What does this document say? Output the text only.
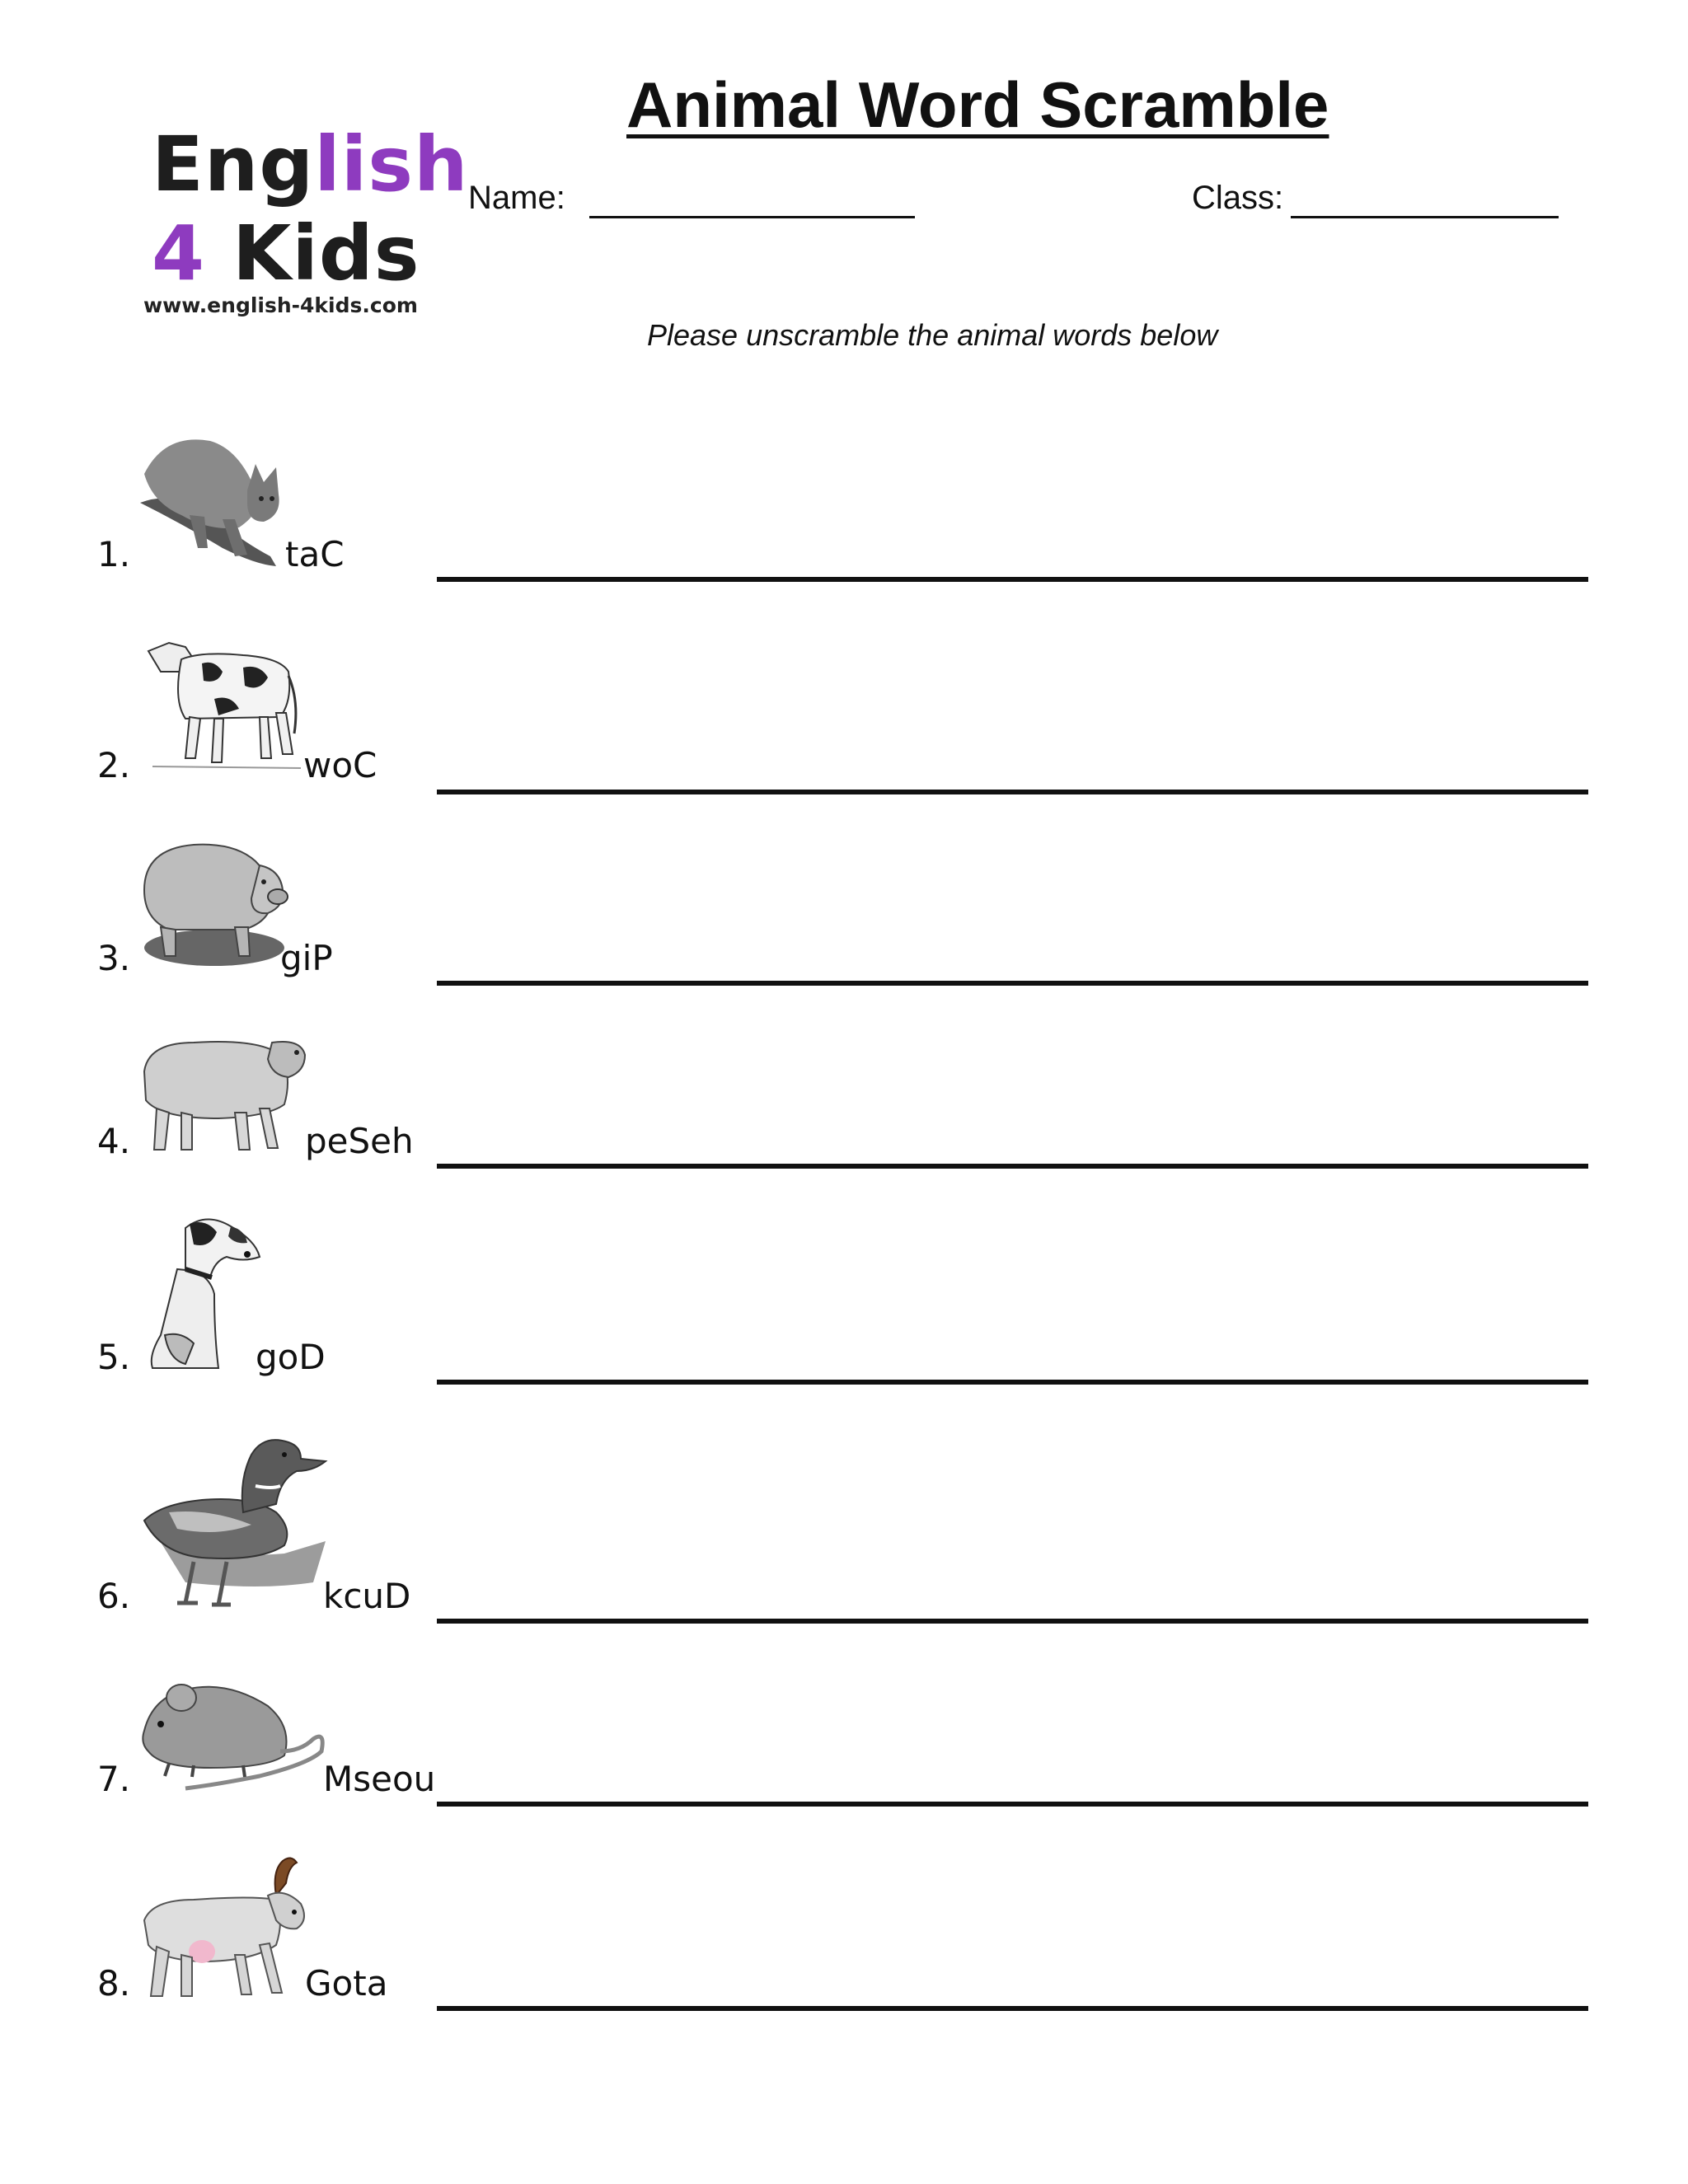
English
4 Kids
www.english-4kids.com
Animal Word Scramble
Name:	Class:
Please unscramble the animal words below
1.	taC
2.	woC
3.	giP
4.	peSeh
5.	goD
6.	kcuD
7.	Mseou
8.	Gota
